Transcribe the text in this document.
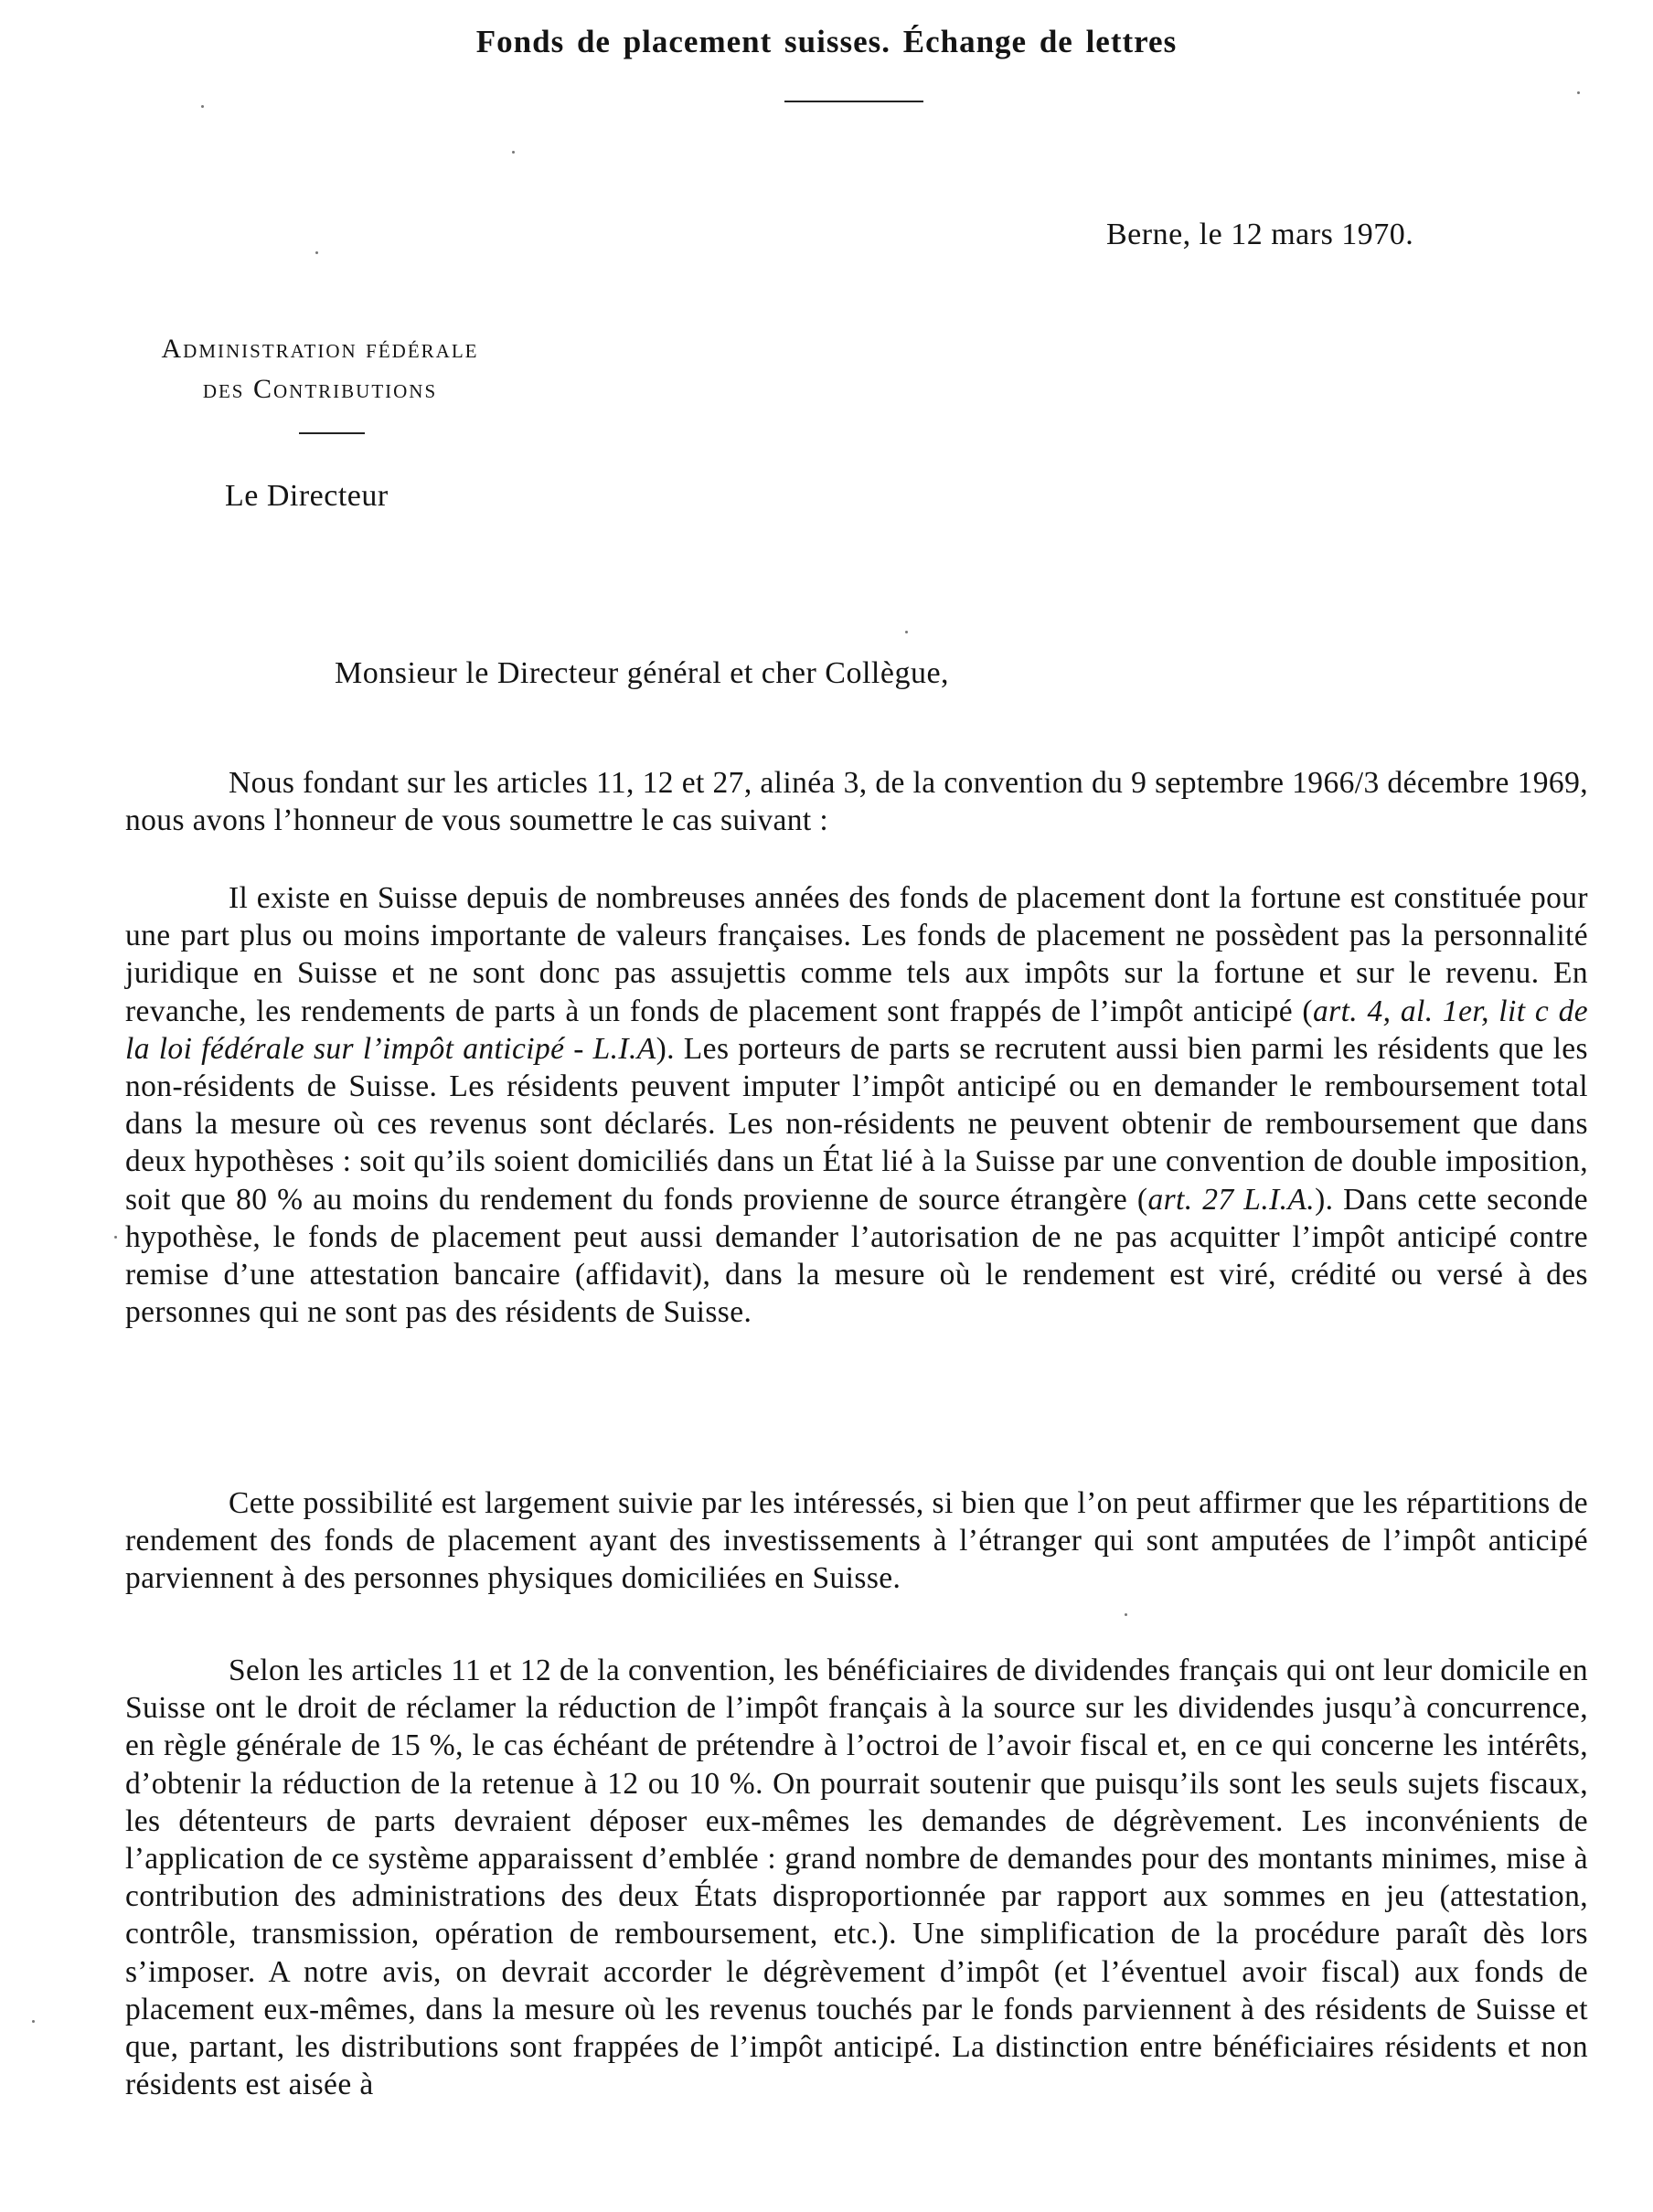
Fonds de placement suisses. Échange de lettres
Berne, le 12 mars 1970.
Administration fédérale
des Contributions
Le Directeur
Monsieur le Directeur général et cher Collègue,

Nous fondant sur les articles 11, 12 et 27, alinéa 3, de la convention du 9 septembre 1966/3 décembre 1969, nous avons l’honneur de vous soumettre le cas suivant :

Il existe en Suisse depuis de nombreuses années des fonds de placement dont la fortune est constituée pour une part plus ou moins importante de valeurs françaises. Les fonds de placement ne possèdent pas la personnalité juridique en Suisse et ne sont donc pas assujettis comme tels aux impôts sur la fortune et sur le revenu. En revanche, les rendements de parts à un fonds de placement sont frappés de l’impôt anticipé (art. 4, al. 1er, lit c de la loi fédérale sur l’impôt anticipé - L.I.A). Les porteurs de parts se recrutent aussi bien parmi les résidents que les non-résidents de Suisse. Les résidents peuvent imputer l’impôt anticipé ou en demander le remboursement total dans la mesure où ces revenus sont déclarés. Les non-résidents ne peuvent obtenir de remboursement que dans deux hypothèses : soit qu’ils soient domiciliés dans un État lié à la Suisse par une convention de double imposition, soit que 80 % au moins du rendement du fonds provienne de source étrangère (art. 27 L.I.A.). Dans cette seconde hypothèse, le fonds de placement peut aussi demander l’autorisation de ne pas acquitter l’impôt anticipé contre remise d’une attestation bancaire (affidavit), dans la mesure où le rendement est viré, crédité ou versé à des personnes qui ne sont pas des résidents de Suisse.

Cette possibilité est largement suivie par les intéressés, si bien que l’on peut affirmer que les répartitions de rendement des fonds de placement ayant des investissements à l’étranger qui sont amputées de l’impôt anticipé parviennent à des personnes physiques domiciliées en Suisse.

Selon les articles 11 et 12 de la convention, les bénéficiaires de dividendes français qui ont leur domicile en Suisse ont le droit de réclamer la réduction de l’impôt français à la source sur les dividendes jusqu’à concurrence, en règle générale de 15 %, le cas échéant de prétendre à l’octroi de l’avoir fiscal et, en ce qui concerne les intérêts, d’obtenir la réduction de la retenue à 12 ou 10 %. On pourrait soutenir que puisqu’ils sont les seuls sujets fiscaux, les détenteurs de parts devraient déposer eux-mêmes les demandes de dégrèvement. Les inconvénients de l’application de ce système apparaissent d’emblée : grand nombre de demandes pour des montants minimes, mise à contribution des administrations des deux États disproportionnée par rapport aux sommes en jeu (attestation, contrôle, transmission, opération de remboursement, etc.). Une simplification de la procédure paraît dès lors s’imposer. A notre avis, on devrait accorder le dégrèvement d’impôt (et l’éventuel avoir fiscal) aux fonds de placement eux-mêmes, dans la mesure où les revenus touchés par le fonds parviennent à des résidents de Suisse et que, partant, les distributions sont frappées de l’impôt anticipé. La distinction entre bénéficiaires résidents et non résidents est aisée à
